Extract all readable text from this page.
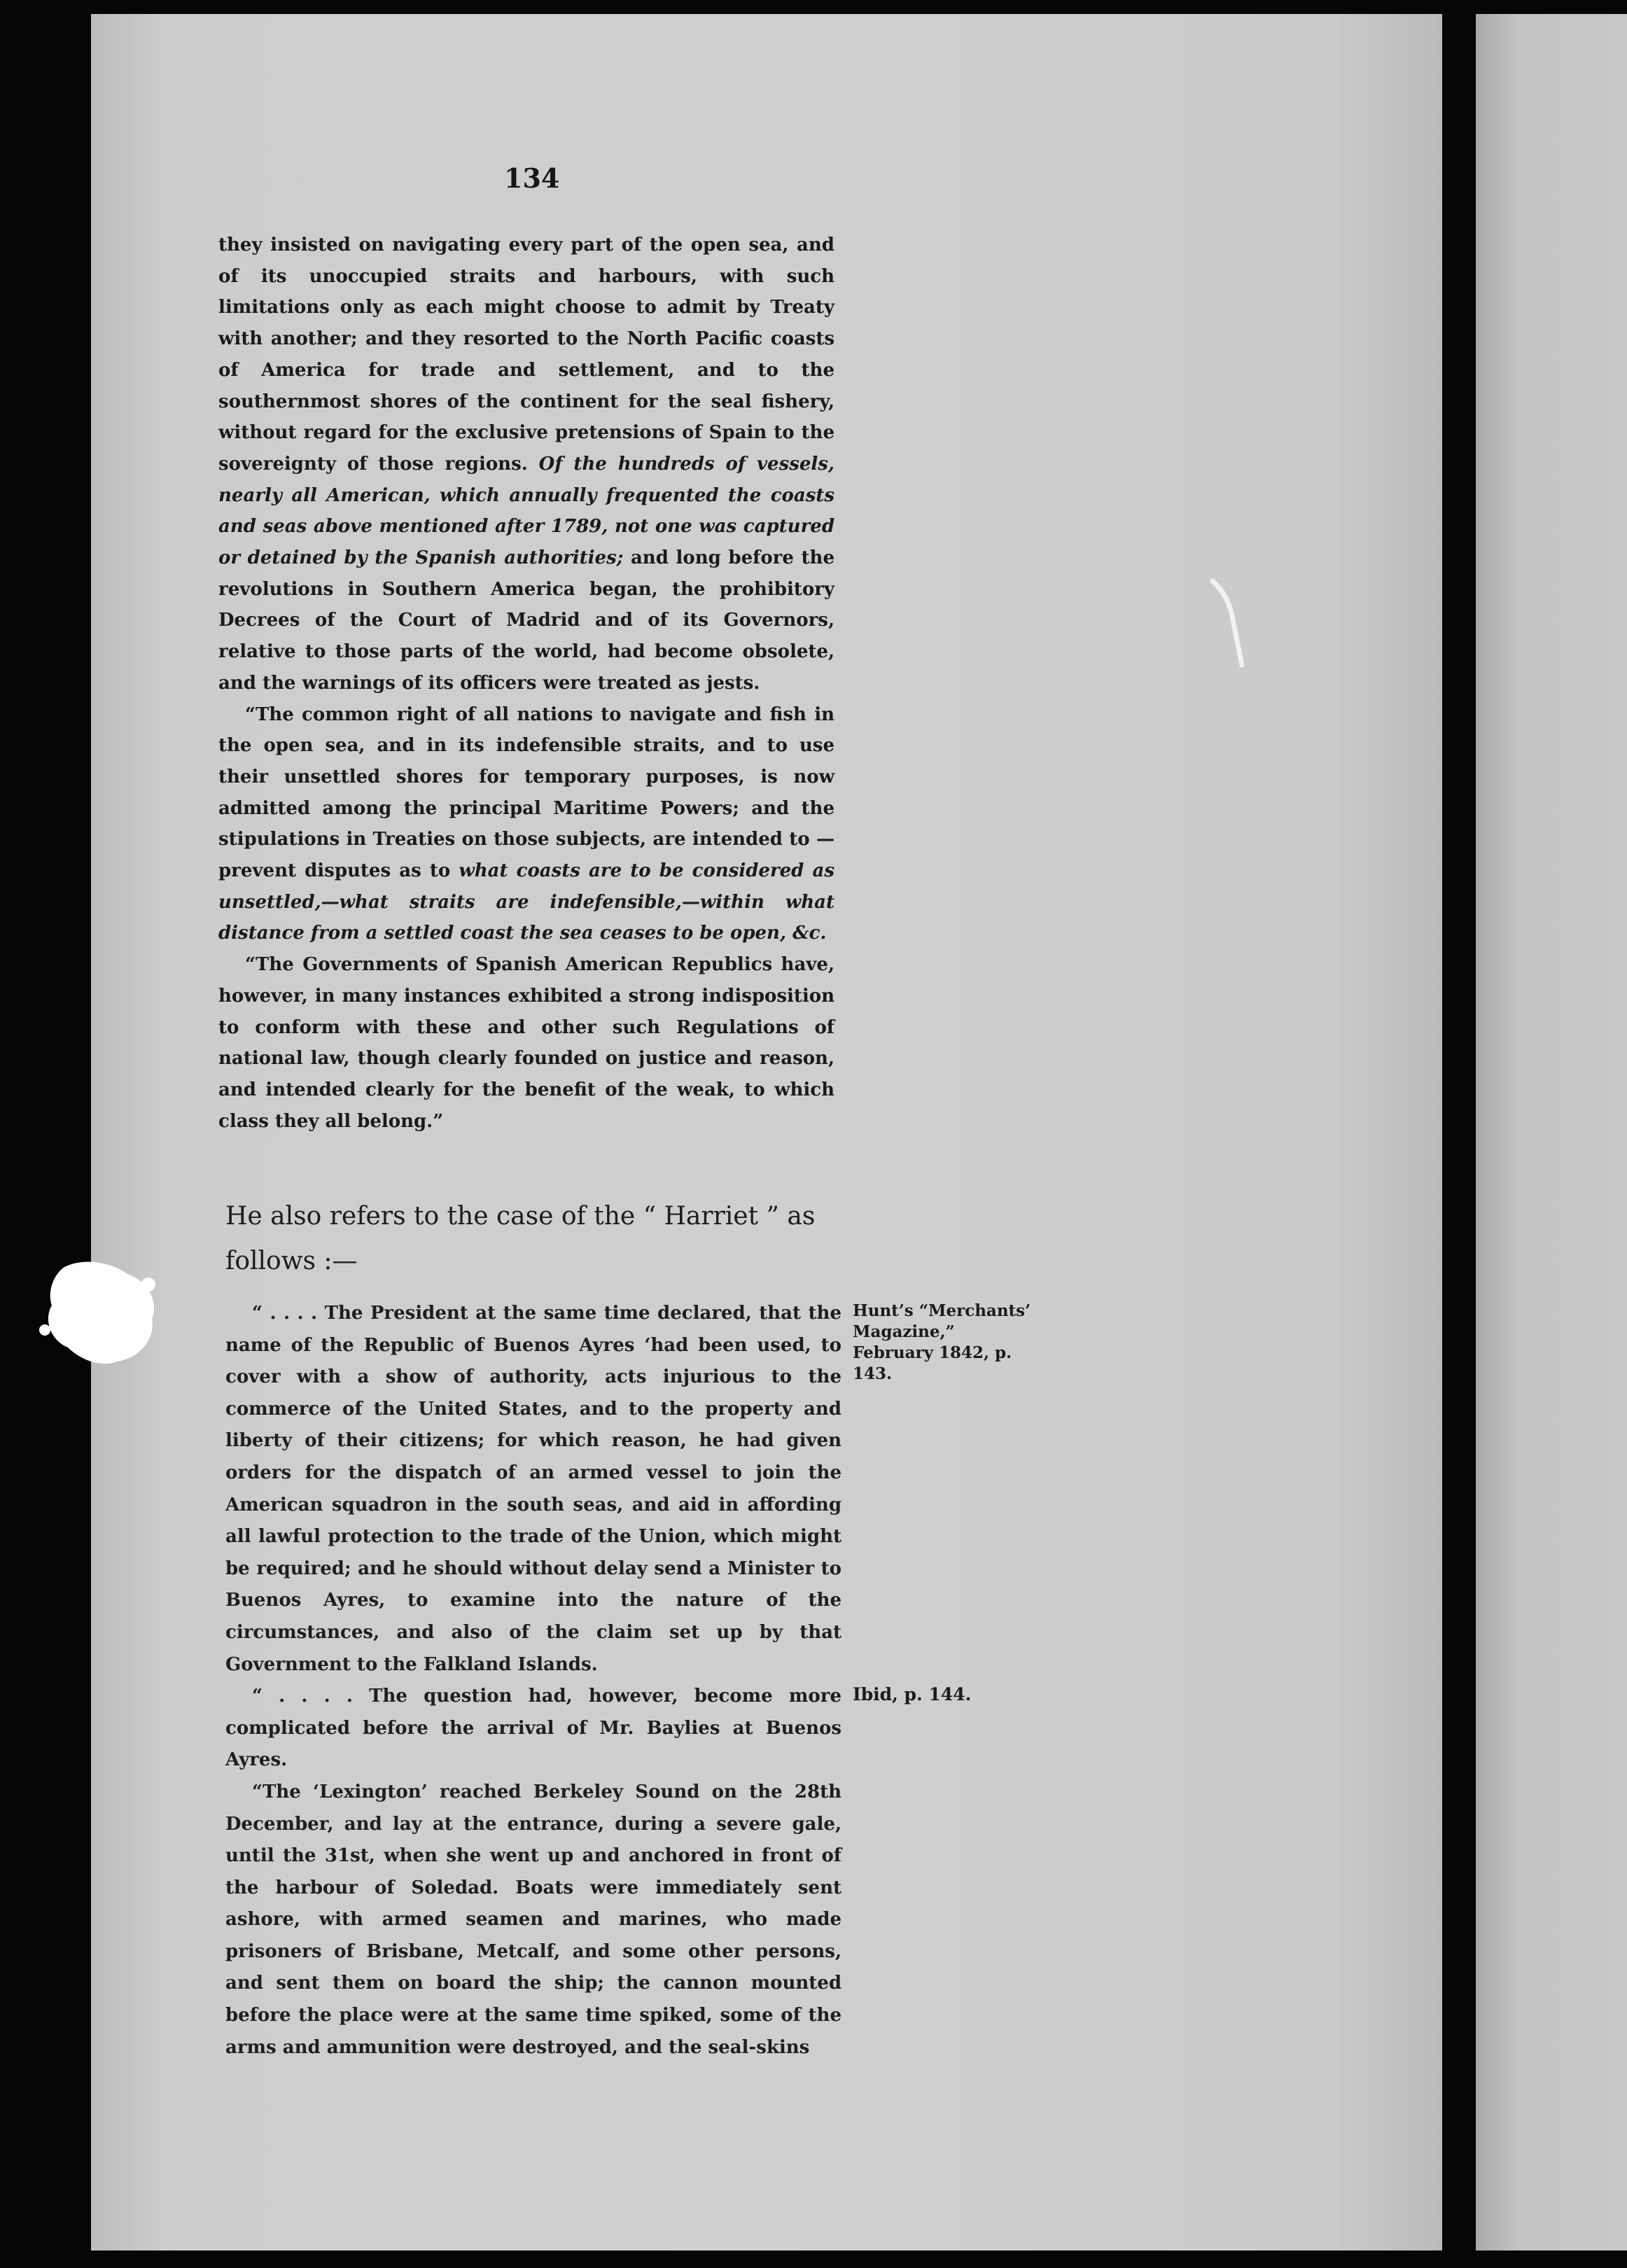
134

they insisted on navigating every part of the open sea, and of its unoccupied straits and harbours, with such limitations only as each might choose to admit by Treaty with another; and they resorted to the North Pacific coasts of America for trade and settlement, and to the southernmost shores of the continent for the seal fishery, without regard for the exclusive pretensions of Spain to the sovereignty of those regions. Of the hundreds of vessels, nearly all American, which annually frequented the coasts and seas above mentioned after 1789, not one was captured or detained by the Spanish authorities; and long before the revolutions in Southern America began, the prohibitory Decrees of the Court of Madrid and of its Governors, relative to those parts of the world, had become obsolete, and the warnings of its officers were treated as jests.

“The common right of all nations to navigate and fish in the open sea, and in its indefensible straits, and to use their unsettled shores for temporary purposes, is now admitted among the principal Maritime Powers; and the stipulations in Treaties on those subjects, are intended to —prevent disputes as to what coasts are to be considered as unsettled,—what straits are indefensible,—within what distance from a settled coast the sea ceases to be open, &c.

“The Governments of Spanish American Republics have, however, in many instances exhibited a strong indisposition to conform with these and other such Regulations of national law, though clearly founded on justice and reason, and intended clearly for the benefit of the weak, to which class they all belong.”

He also refers to the case of the “ Harriet ” as follows :—

“ . . . . The President at the same time declared, that the name of the Republic of Buenos Ayres ‘had been used, to cover with a show of authority, acts injurious to the commerce of the United States, and to the property and liberty of their citizens; for which reason, he had given orders for the dispatch of an armed vessel to join the American squadron in the south seas, and aid in affording all lawful protection to the trade of the Union, which might be required; and he should without delay send a Minister to Buenos Ayres, to examine into the nature of the circumstances, and also of the claim set up by that Government to the Falkland Islands.

“ . . . . The question had, however, become more complicated before the arrival of Mr. Baylies at Buenos Ayres.

“The ‘Lexington’ reached Berkeley Sound on the 28th December, and lay at the entrance, during a severe gale, until the 31st, when she went up and anchored in front of the harbour of Soledad. Boats were immediately sent ashore, with armed seamen and marines, who made prisoners of Brisbane, Metcalf, and some other persons, and sent them on board the ship; the cannon mounted before the place were at the same time spiked, some of the arms and ammunition were destroyed, and the seal-skins

Hunt’s “Merchants’ Magazine,” February 1842, p. 143.
Ibid, p. 144.
